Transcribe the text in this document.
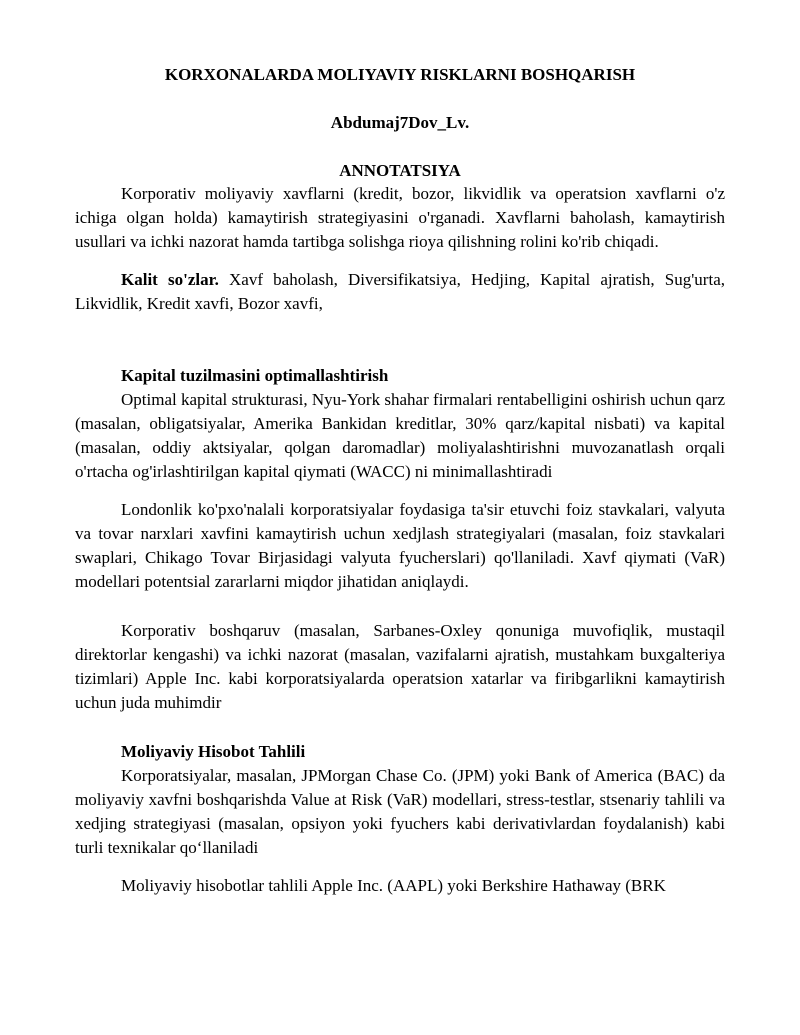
KORXONALARDA MOLIYAVIY RISKLARNI BOSHQARISH

Abdumaj7Dov_Lv.

ANNOTATSIYA

Korporativ moliyaviy xavflarni (kredit, bozor, likvidlik va operatsion xavflarni o'z ichiga olgan holda) kamaytirish strategiyasini o'rganadi. Xavflarni baholash, kamaytirish usullari va ichki nazorat hamda tartibga solishga rioya qilishning rolini ko'rib chiqadi.

Kalit so'zlar. Xavf baholash, Diversifikatsiya, Hedjing, Kapital ajratish, Sug'urta, Likvidlik, Kredit xavfi, Bozor xavfi,

Kapital tuzilmasini optimallashtirish

Optimal kapital strukturasi, Nyu-York shahar firmalari rentabelligini oshirish uchun qarz (masalan, obligatsiyalar, Amerika Bankidan kreditlar, 30% qarz/kapital nisbati) va kapital (masalan, oddiy aktsiyalar, qolgan daromadlar) moliyalashtirishni muvozanatlash orqali o'rtacha og'irlashtirilgan kapital qiymati (WACC) ni minimallashtiradi

Londonlik ko'pxo'nalali korporatsiyalar foydasiga ta'sir etuvchi foiz stavkalari, valyuta va tovar narxlari xavfini kamaytirish uchun xedjlash strategiyalari (masalan, foiz stavkalari swaplari, Chikago Tovar Birjasidagi valyuta fyucherslari) qo'llaniladi. Xavf qiymati (VaR) modellari potentsial zararlarni miqdor jihatidan aniqlaydi.

Korporativ boshqaruv (masalan, Sarbanes-Oxley qonuniga muvofiqlik, mustaqil direktorlar kengashi) va ichki nazorat (masalan, vazifalarni ajratish, mustahkam buxgalteriya tizimlari) Apple Inc. kabi korporatsiyalarda operatsion xatarlar va firibgarlikni kamaytirish uchun juda muhimdir

Moliyaviy Hisobot Tahlili

Korporatsiyalar, masalan, JPMorgan Chase Co. (JPM) yoki Bank of America (BAC) da moliyaviy xavfni boshqarishda Value at Risk (VaR) modellari, stress-testlar, stsenariy tahlili va xedjing strategiyasi (masalan, opsiyon yoki fyuchers kabi derivativlardan foydalanish) kabi turli texnikalar qo‘llaniladi

Moliyaviy hisobotlar tahlili Apple Inc. (AAPL) yoki Berkshire Hathaway (BRK
